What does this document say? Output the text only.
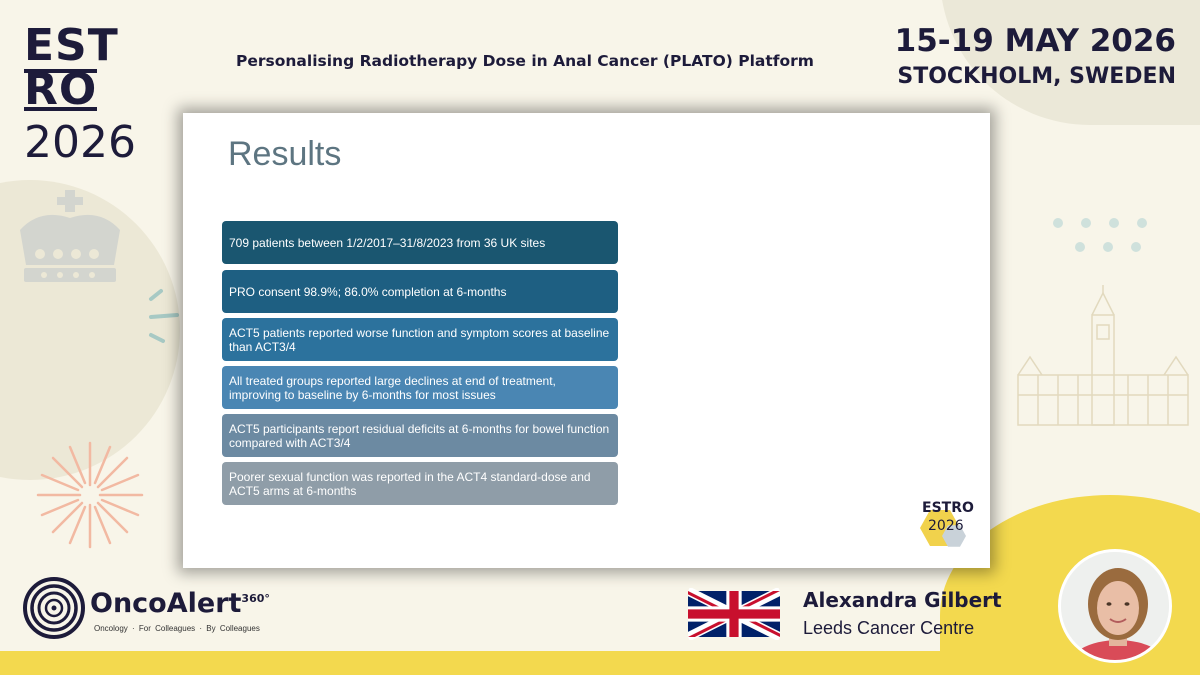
ESTRO
2026
Personalising Radiotherapy Dose in Anal Cancer (PLATO) Platform
15-19 MAY 2026
STOCKHOLM, SWEDEN
Results
709 patients between 1/2/2017–31/8/2023 from 36 UK sites
PRO consent 98.9%; 86.0% completion at 6-months
ACT5 patients reported worse function and symptom scores at baseline than ACT3/4
All treated groups reported large declines at end of treatment, improving to baseline by 6-months for most issues
ACT5 participants report residual deficits at 6-months for bowel function compared with ACT3/4
Poorer sexual function was reported in the ACT4 standard-dose and ACT5 arms at 6-months
ESTRO
2026
OncoAlert$^{360^\circ}$
Oncology · For Colleagues · By Colleagues
Alexandra Gilbert
Leeds Cancer Centre
